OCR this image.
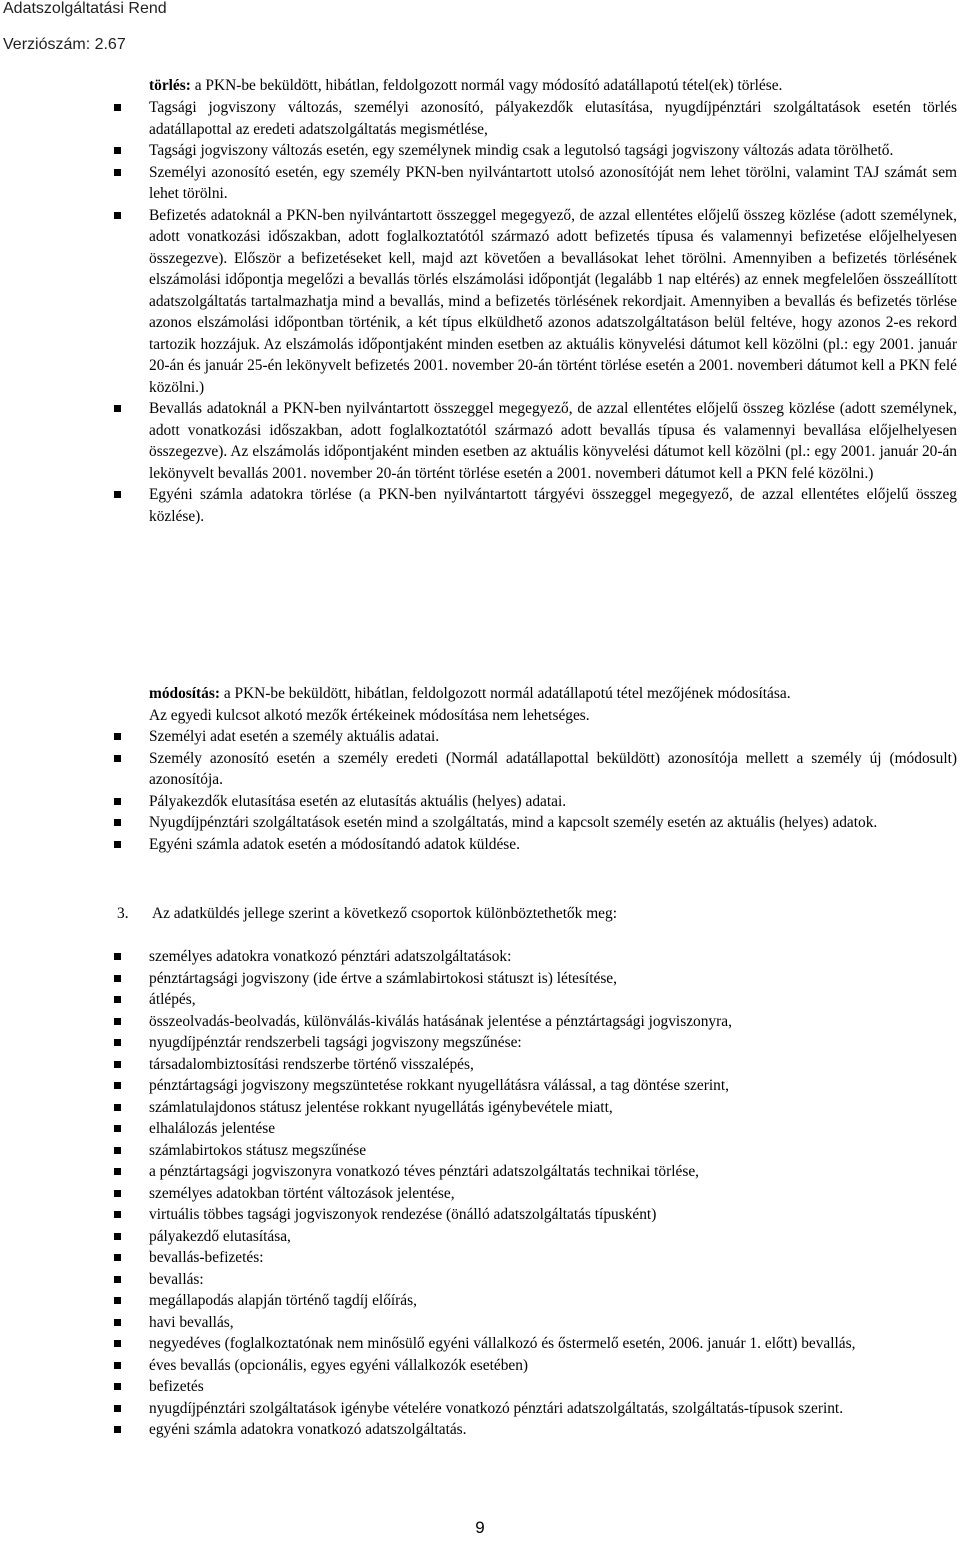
Adatszolgáltatási Rend
Verziószám: 2.67
törlés: a PKN-be beküldött, hibátlan, feldolgozott normál vagy módosító adatállapotú tétel(ek) törlése.
Tagsági jogviszony változás, személyi azonosító, pályakezdők elutasítása, nyugdíjpénztári szolgáltatások esetén törlés adatállapottal az eredeti adatszolgáltatás megismétlése,
Tagsági jogviszony változás esetén, egy személynek mindig csak a legutolsó tagsági jogviszony változás adata törölhető.
Személyi azonosító esetén, egy személy PKN-ben nyilvántartott utolsó azonosítóját nem lehet törölni, valamint TAJ számát sem lehet törölni.
Befizetés adatoknál a PKN-ben nyilvántartott összeggel megegyező, de azzal ellentétes előjelű összeg közlése (adott személynek, adott vonatkozási időszakban, adott foglalkoztatótól származó adott befizetés típusa és valamennyi befizetése előjelhelyesen összegezve). Először a befizetéseket kell, majd azt követően a bevallásokat lehet törölni. Amennyiben a befizetés törlésének elszámolási időpontja megelőzi a bevallás törlés elszámolási időpontját (legalább 1 nap eltérés) az ennek megfelelően összeállított adatszolgáltatás tartalmazhatja mind a bevallás, mind a befizetés törlésének rekordjait. Amennyiben a bevallás és befizetés törlése azonos elszámolási időpontban történik, a két típus elküldhető azonos adatszolgáltatáson belül feltéve, hogy azonos 2-es rekord tartozik hozzájuk. Az elszámolás időpontjaként minden esetben az aktuális könyvelési dátumot kell közölni (pl.: egy 2001. január 20-án és január 25-én lekönyvelt befizetés 2001. november 20-án történt törlése esetén a 2001. novemberi dátumot kell a PKN felé közölni.)
Bevallás adatoknál a PKN-ben nyilvántartott összeggel megegyező, de azzal ellentétes előjelű összeg közlése (adott személynek, adott vonatkozási időszakban, adott foglalkoztatótól származó adott bevallás típusa és valamennyi bevallása előjelhelyesen összegezve). Az elszámolás időpontjaként minden esetben az aktuális könyvelési dátumot kell közölni (pl.: egy 2001. január 20-án lekönyvelt bevallás 2001. november 20-án történt törlése esetén a 2001. novemberi dátumot kell a PKN felé közölni.)
Egyéni számla adatokra törlése (a PKN-ben nyilvántartott tárgyévi összeggel megegyező, de azzal ellentétes előjelű összeg közlése).
módosítás: a PKN-be beküldött, hibátlan, feldolgozott normál adatállapotú tétel mezőjének módosítása.
Az egyedi kulcsot alkotó mezők értékeinek módosítása nem lehetséges.
Személyi adat esetén a személy aktuális adatai.
Személy azonosító esetén a személy eredeti (Normál adatállapottal beküldött) azonosítója mellett a személy új (módosult) azonosítója.
Pályakezdők elutasítása esetén az elutasítás aktuális (helyes) adatai.
Nyugdíjpénztári szolgáltatások esetén mind a szolgáltatás, mind a kapcsolt személy esetén az aktuális (helyes) adatok.
Egyéni számla adatok esetén a módosítandó adatok küldése.
3. Az adatküldés jellege szerint a következő csoportok különböztethetők meg:
személyes adatokra vonatkozó pénztári adatszolgáltatások:
pénztártagsági jogviszony (ide értve a számlabirtokosi státuszt is) létesítése,
átlépés,
összeolvadás-beolvadás, különválás-kiválás hatásának jelentése a pénztártagsági jogviszonyra,
nyugdíjpénztár rendszerbeli tagsági jogviszony megszűnése:
társadalombiztosítási rendszerbe történő visszalépés,
pénztártagsági jogviszony megszüntetése rokkant nyugellátásra válással, a tag döntése szerint,
számlatulajdonos státusz jelentése rokkant nyugellátás igénybevétele miatt,
elhalálozás jelentése
számlabirtokos státusz megszűnése
a pénztártagsági jogviszonyra vonatkozó téves pénztári adatszolgáltatás technikai törlése,
személyes adatokban történt változások jelentése,
virtuális többes tagsági jogviszonyok rendezése (önálló adatszolgáltatás típusként)
pályakezdő elutasítása,
bevallás-befizetés:
bevallás:
megállapodás alapján történő tagdíj előírás,
havi bevallás,
negyedéves (foglalkoztatónak nem minősülő egyéni vállalkozó és őstermelő esetén, 2006. január 1. előtt) bevallás,
éves bevallás (opcionális, egyes egyéni vállalkozók esetében)
befizetés
nyugdíjpénztári szolgáltatások igénybe vételére vonatkozó pénztári adatszolgáltatás, szolgáltatás-típusok szerint.
egyéni számla adatokra vonatkozó adatszolgáltatás.
9
